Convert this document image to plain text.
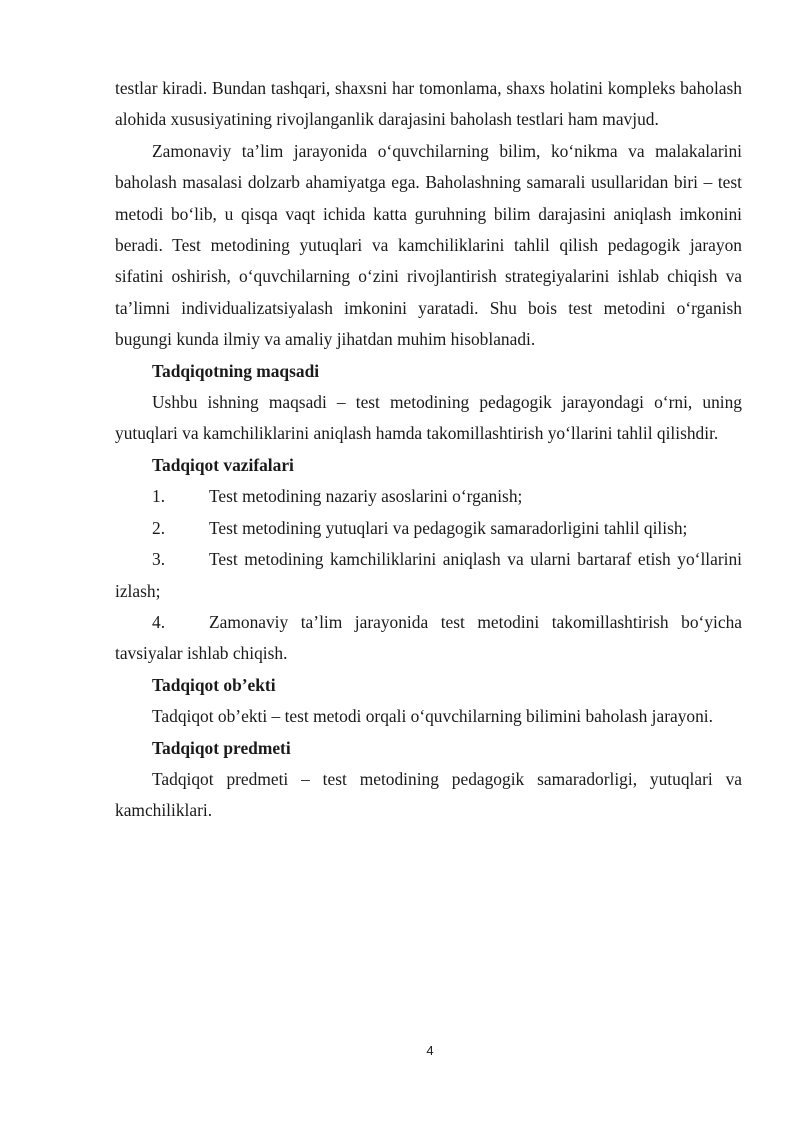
testlar kiradi. Bundan tashqari, shaxsni har tomonlama, shaxs holatini kompleks baholash alohida xususiyatining rivojlanganlik darajasini baholash testlari ham mavjud.

Zamonaviy ta’lim jarayonida o‘quvchilarning bilim, ko‘nikma va malakalarini baholash masalasi dolzarb ahamiyatga ega. Baholashning samarali usullaridan biri – test metodi bo‘lib, u qisqa vaqt ichida katta guruhning bilim darajasini aniqlash imkonini beradi. Test metodining yutuqlari va kamchiliklarini tahlil qilish pedagogik jarayon sifatini oshirish, o‘quvchilarning o‘zini rivojlantirish strategiyalarini ishlab chiqish va ta’limni individualizatsiyalash imkonini yaratadi. Shu bois test metodini o‘rganish bugungi kunda ilmiy va amaliy jihatdan muhim hisoblanadi.

Tadqiqotning maqsadi

Ushbu ishning maqsadi – test metodining pedagogik jarayondagi o‘rni, uning yutuqlari va kamchiliklarini aniqlash hamda takomillashtirish yo‘llarini tahlil qilishdir.

Tadqiqot vazifalari

1.	Test metodining nazariy asoslarini o‘rganish;

2.	Test metodining yutuqlari va pedagogik samaradorligini tahlil qilish;

3.	Test metodining kamchiliklarini aniqlash va ularni bartaraf etish yo‘llarini izlash;

4.	Zamonaviy ta’lim jarayonida test metodini takomillashtirish bo‘yicha tavsiyalar ishlab chiqish.

Tadqiqot ob’ekti

Tadqiqot ob’ekti – test metodi orqali o‘quvchilarning bilimini baholash jarayoni.

Tadqiqot predmeti

Tadqiqot predmeti – test metodining pedagogik samaradorligi, yutuqlari va kamchiliklari.

4
